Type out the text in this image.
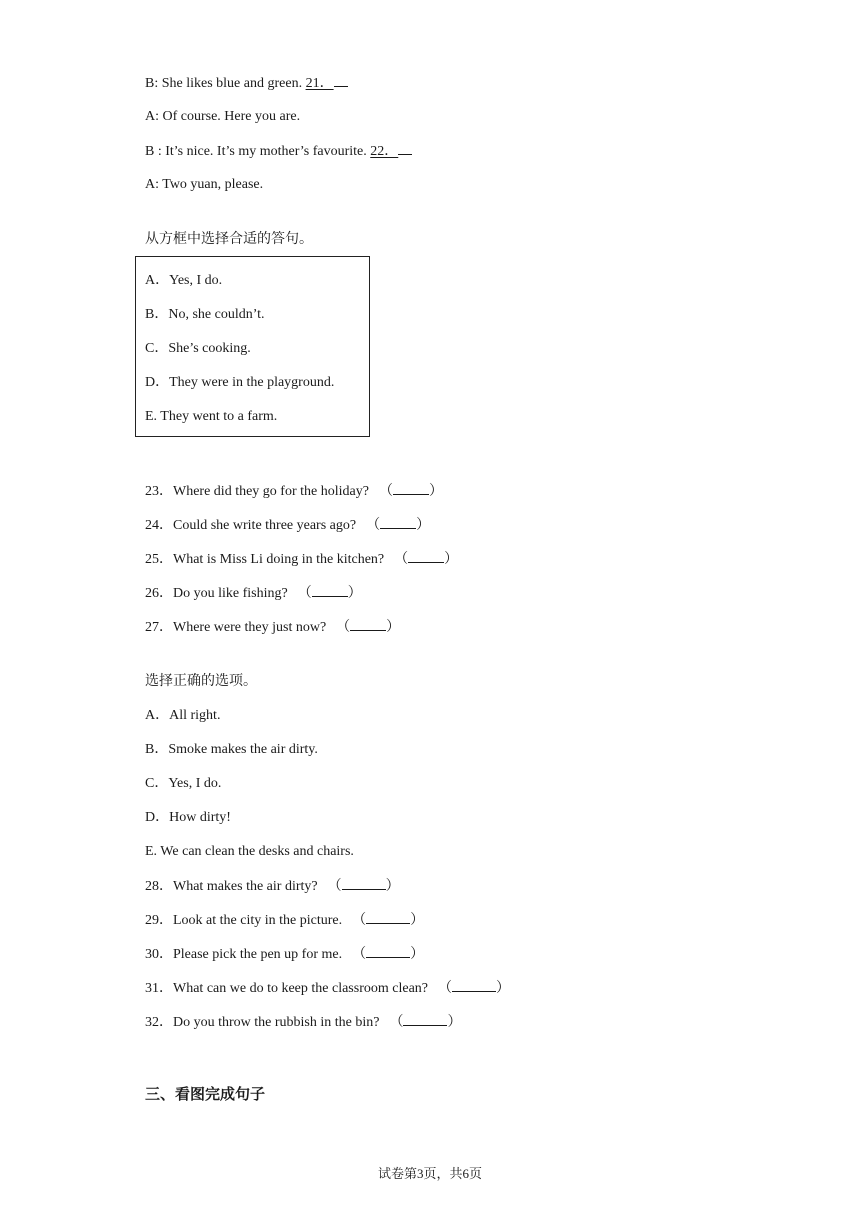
B: She likes blue and green. 21．
A: Of course. Here you are.
B : It’s nice. It’s my mother’s favourite. 22．
A: Two yuan, please.
从方框中选择合适的答句。
A．Yes, I do.
B．No, she couldn’t.
C．She’s cooking.
D．They were in the playground.
E. They went to a farm.
23．Where did they go for the holiday? （	）
24．Could she write three years ago? （	）
25．What is Miss Li doing in the kitchen? （	）
26．Do you like fishing? （	）
27．Where were they just now? （	）
选择正确的选项。
A．All right.
B．Smoke makes the air dirty.
C．Yes, I do.
D．How dirty!
E. We can clean the desks and chairs.
28．What makes the air dirty? （	）
29．Look at the city in the picture. （	）
30．Please pick the pen up for me. （	）
31．What can we do to keep the classroom clean? （	）
32．Do you throw the rubbish in the bin? （	）
三、看图完成句子
试卷第3页，共6页
